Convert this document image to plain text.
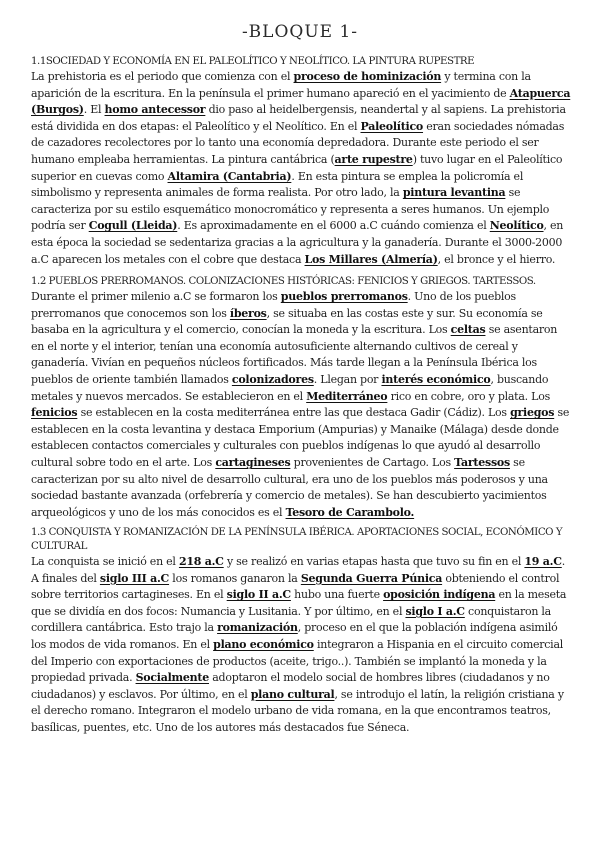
-BLOQUE 1-
1.1SOCIEDAD Y ECONOMÍA EN EL PALEOLÍTICO Y NEOLÍTICO. LA PINTURA RUPESTRE
La prehistoria es el periodo que comienza con el proceso de hominización y termina con la aparición de la escritura. En la península el primer humano apareció en el yacimiento de Atapuerca (Burgos). El homo antecessor dio paso al heidelbergensis, neandertal y al sapiens. La prehistoria está dividida en dos etapas: el Paleolítico y el Neolítico. En el Paleolítico eran sociedades nómadas de cazadores recolectores por lo tanto una economía depredadora. Durante este periodo el ser humano empleaba herramientas. La pintura cantábrica (arte rupestre) tuvo lugar en el Paleolítico superior en cuevas como Altamira (Cantabria). En esta pintura se emplea la policromía el simbolismo y representa animales de forma realista. Por otro lado, la pintura levantina se caracteriza por su estilo esquemático monocromático y representa a seres humanos. Un ejemplo podría ser Cogull (Lleida). Es aproximadamente en el 6000 a.C cuándo comienza el Neolítico, en esta época la sociedad se sedentariza gracias a la agricultura y la ganadería. Durante el 3000-2000 a.C aparecen los metales con el cobre que destaca Los Millares (Almería), el bronce y el hierro.
1.2 PUEBLOS PRERROMANOS. COLONIZACIONES HISTÓRICAS: FENICIOS Y GRIEGOS. TARTESSOS.
Durante el primer milenio a.C se formaron los pueblos prerromanos. Uno de los pueblos prerromanos que conocemos son los íberos, se situaba en las costas este y sur. Su economía se basaba en la agricultura y el comercio, conocían la moneda y la escritura. Los celtas se asentaron en el norte y el interior, tenían una economía autosuficiente alternando cultivos de cereal y ganadería. Vivían en pequeños núcleos fortificados. Más tarde llegan a la Península Ibérica los pueblos de oriente también llamados colonizadores. Llegan por interés económico, buscando metales y nuevos mercados. Se establecieron en el Mediterráneo rico en cobre, oro y plata. Los fenicios se establecen en la costa mediterránea entre las que destaca Gadir (Cádiz). Los griegos se establecen en la costa levantina y destaca Emporium (Ampurias) y Manaike (Málaga) desde donde establecen contactos comerciales y culturales con pueblos indígenas lo que ayudó al desarrollo cultural sobre todo en el arte. Los cartagineses provenientes de Cartago. Los Tartessos se caracterizan por su alto nivel de desarrollo cultural, era uno de los pueblos más poderosos y una sociedad bastante avanzada (orfebrería y comercio de metales). Se han descubierto yacimientos arqueológicos y uno de los más conocidos es el Tesoro de Carambolo.
1.3 CONQUISTA Y ROMANIZACIÓN DE LA PENÍNSULA IBÉRICA. APORTACIONES SOCIAL, ECONÓMICO Y CULTURAL
La conquista se inició en el 218 a.C y se realizó en varias etapas hasta que tuvo su fin en el 19 a.C. A finales del siglo III a.C los romanos ganaron la Segunda Guerra Púnica obteniendo el control sobre territorios cartagineses. En el siglo II a.C hubo una fuerte oposición indígena en la meseta que se dividía en dos focos: Numancia y Lusitania. Y por último, en el siglo I a.C conquistaron la cordillera cantábrica. Esto trajo la romanización, proceso en el que la población indígena asimiló los modos de vida romanos. En el plano económico integraron a Hispania en el circuito comercial del Imperio con exportaciones de productos (aceite, trigo..). También se implantó la moneda y la propiedad privada. Socialmente adoptaron el modelo social de hombres libres (ciudadanos y no ciudadanos) y esclavos. Por último, en el plano cultural, se introdujo el latín, la religión cristiana y el derecho romano. Integraron el modelo urbano de vida romana, en la que encontramos teatros, basílicas, puentes, etc. Uno de los autores más destacados fue Séneca.
